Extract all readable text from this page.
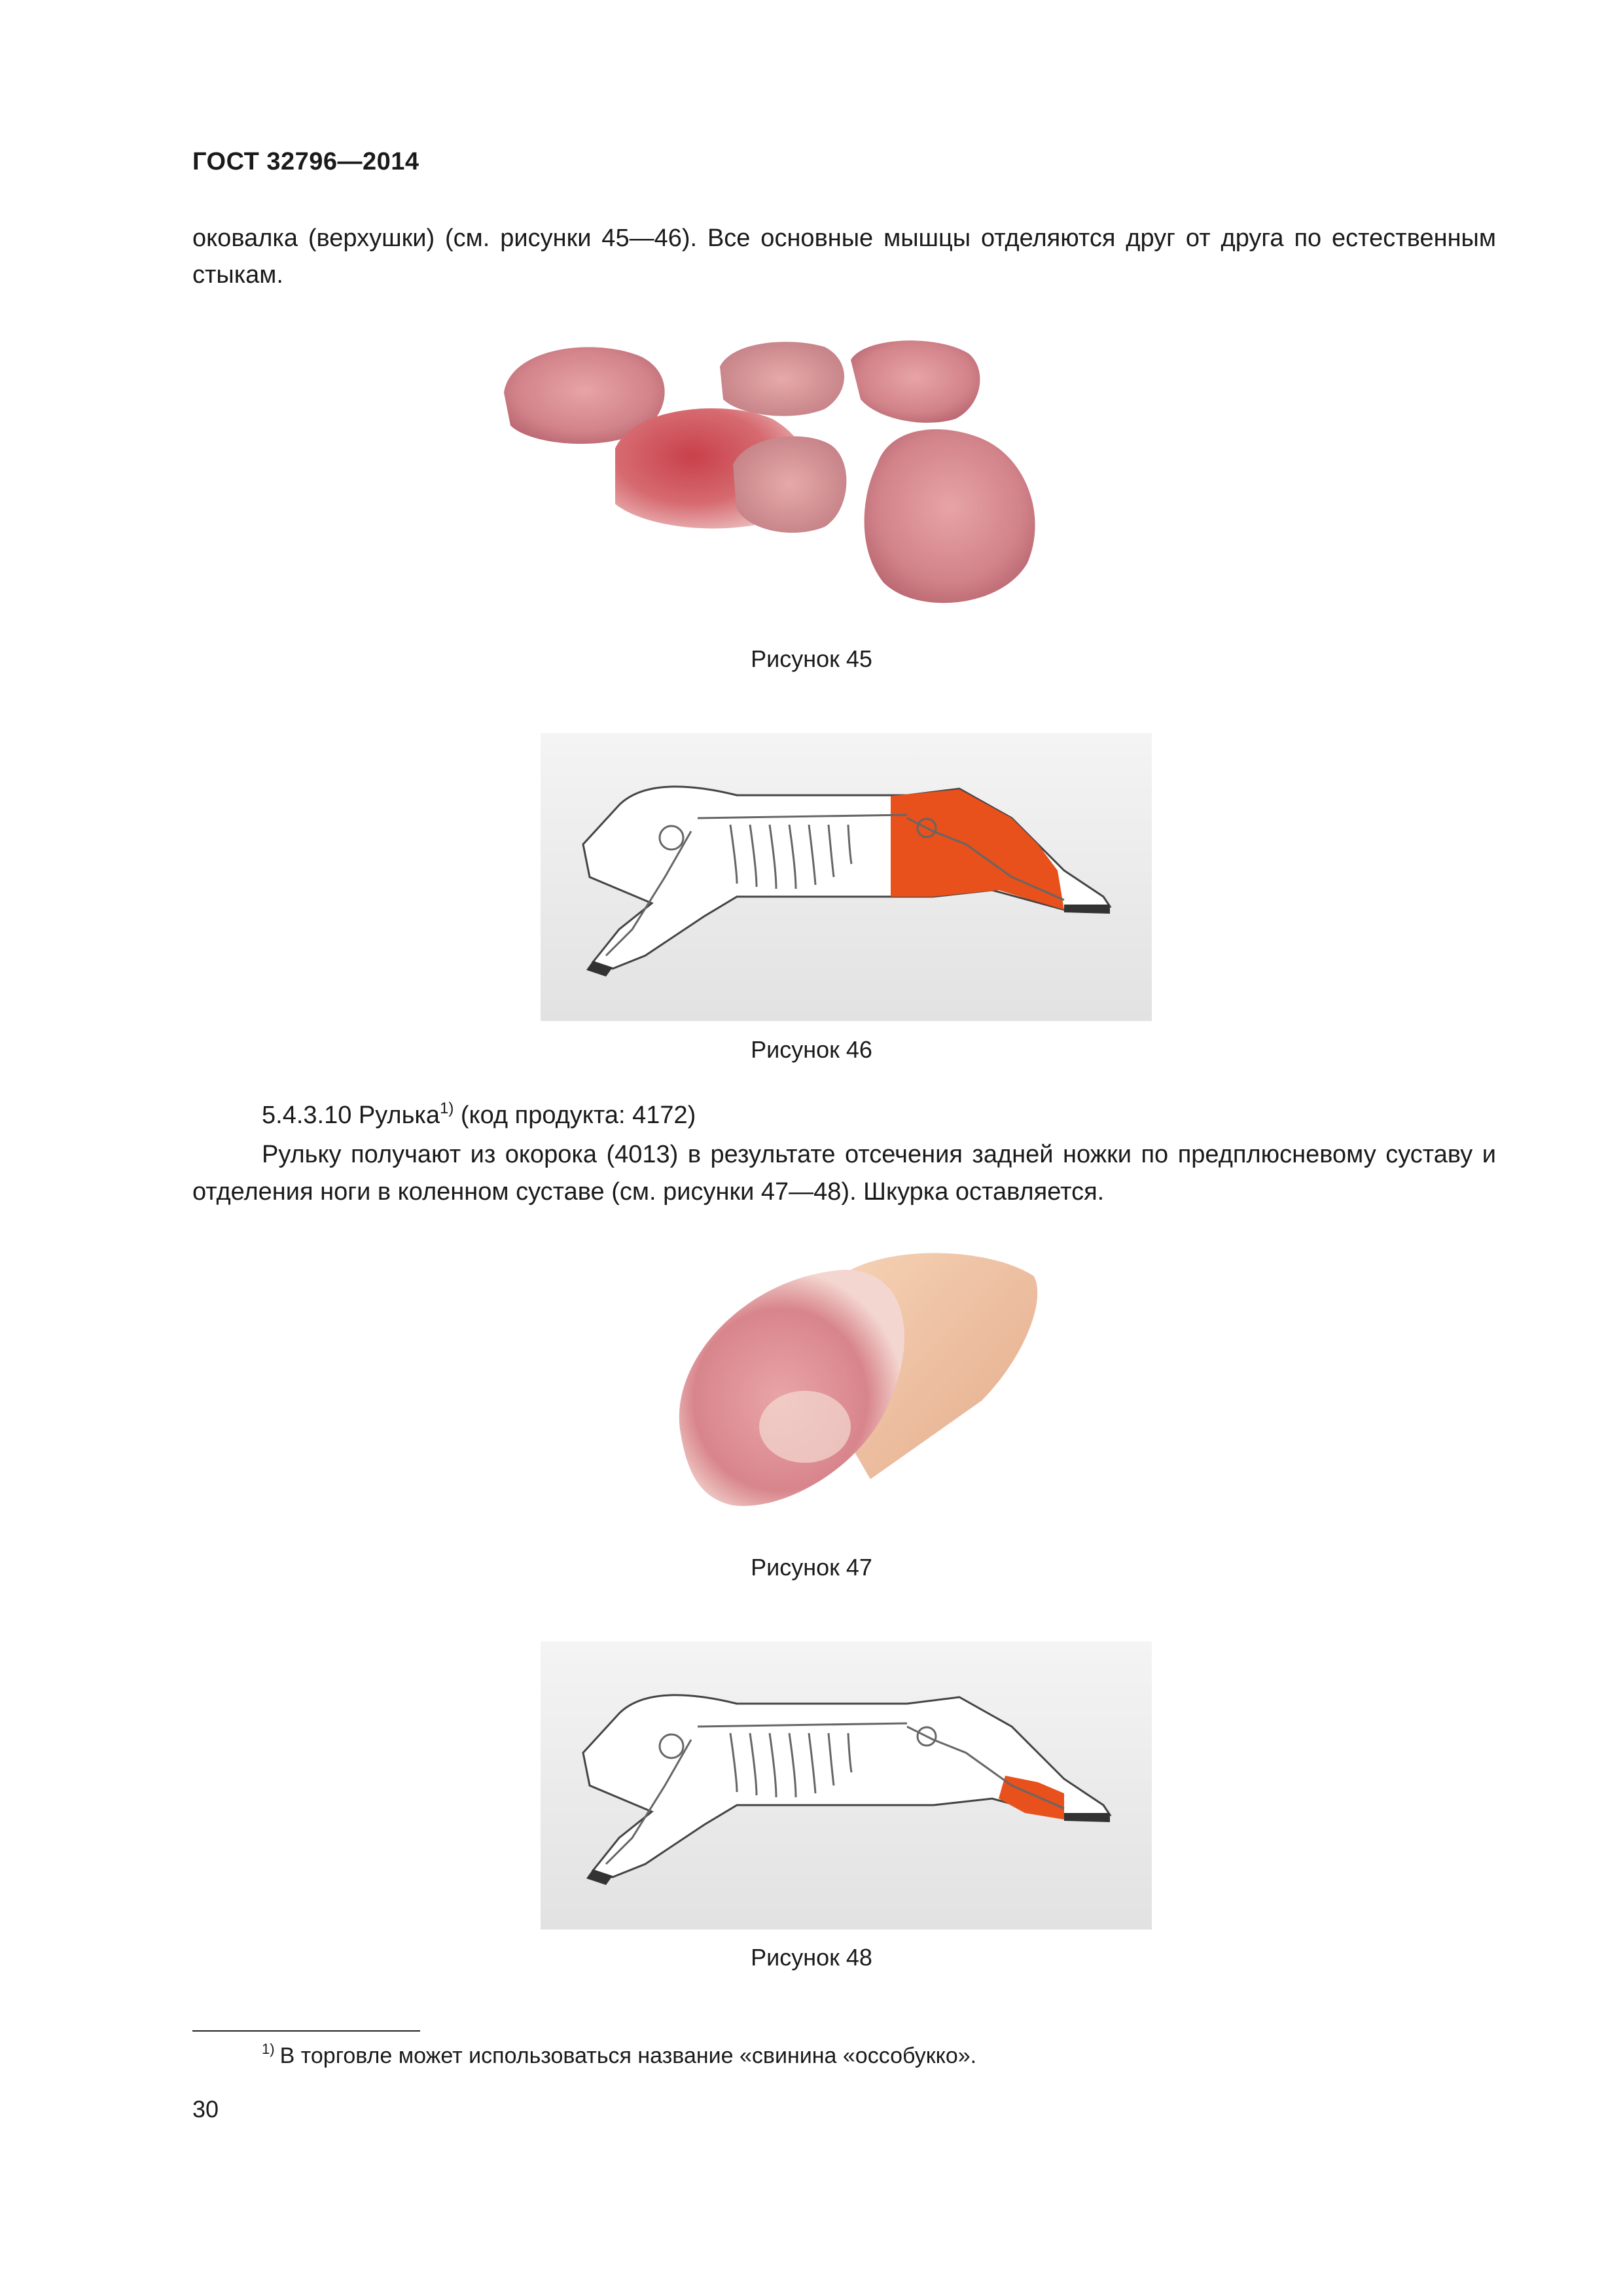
ГОСТ 32796—2014
оковалка (верхушки) (см. рисунки 45—46). Все основные мышцы отделяются друг от друга по естественным стыкам.
Рисунок 45
Рисунок 46
5.4.3.10 Рулька$^{1)}$ (код продукта: 4172)
Рульку получают из окорока (4013) в результате отсечения задней ножки по предплюсневому суставу и отделения ноги в коленном суставе (см. рисунки 47—48). Шкурка оставляется.
Рисунок 47
Рисунок 48
$^{1)}$ В торговле может использоваться название «свинина «оссобукко».
30
